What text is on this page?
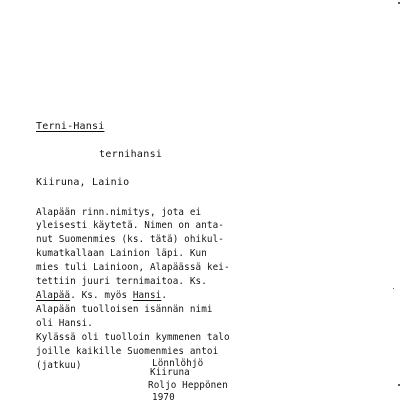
Terni-Hansi
ternihansi
Kiiruna, Lainio
Alapään rinn.nimitys, jota ei
yleisesti käytetä. Nimen on anta-
nut Suomenmies (ks. tätä) ohikul-
kumatkallaan Lainion läpi. Kun
mies tuli Lainioon, Alapäässä kei-
tettiin juuri ternimaitoa. Ks.
Alapää. Ks. myös Hansi.
Alapään tuolloisen isännän nimi
oli Hansi.
Kylässä oli tuolloin kymmenen talo
joille kaikille Suomenmies antoi
(jatkuu)	Lönnlöhjö
Kiiruna
Roljo Heppönen
1970
